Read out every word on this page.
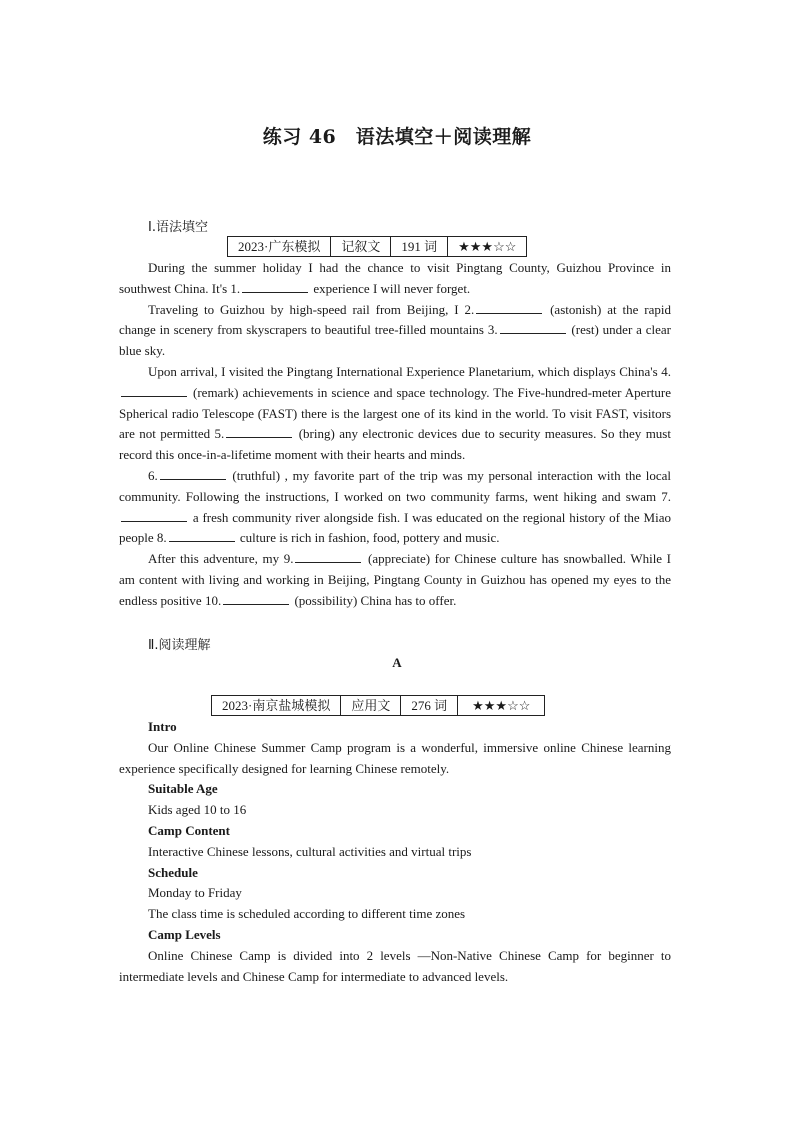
练习 46　语法填空＋阅读理解
Ⅰ.语法填空
2023·广东模拟	记叙文	191 词	★★★☆☆

During the summer holiday I had the chance to visit Pingtang County, Guizhou Province in southwest China. It's 1.	experience I will never forget.

Traveling to Guizhou by high-speed rail from Beijing, I 2.	(astonish) at the rapid change in scenery from skyscrapers to beautiful tree-filled mountains 3.	(rest) under a clear blue sky.

Upon arrival, I visited the Pingtang International Experience Planetarium, which displays China's 4. (remark) achievements in science and space technology. The Five-hundred-meter Aperture Spherical radio Telescope (FAST) there is the largest one of its kind in the world. To visit FAST, visitors are not permitted 5.	(bring) any electronic devices due to security measures. So they must record this once-in-a-lifetime moment with their hearts and minds.

6.	(truthful) , my favorite part of the trip was my personal interaction with the local community. Following the instructions, I worked on two community farms, went hiking and swam 7. a fresh community river alongside fish. I was educated on the regional history of the Miao people 8.	culture is rich in fashion, food, pottery and music.

After this adventure, my 9.	(appreciate) for Chinese culture has snowballed. While I am content with living and working in Beijing, Pingtang County in Guizhou has opened my eyes to the endless positive 10.	(possibility) China has to offer.

Ⅱ.阅读理解
A
2023·南京盐城模拟	应用文	276 词	★★★☆☆

Intro

Our Online Chinese Summer Camp program is a wonderful, immersive online Chinese learning experience specifically designed for learning Chinese remotely.

Suitable Age

Kids aged 10 to 16

Camp Content

Interactive Chinese lessons, cultural activities and virtual trips

Schedule

Monday to Friday

The class time is scheduled according to different time zones

Camp Levels

Online Chinese Camp is divided into 2 levels —Non-Native Chinese Camp for beginner to intermediate levels and Chinese Camp for intermediate to advanced levels.
